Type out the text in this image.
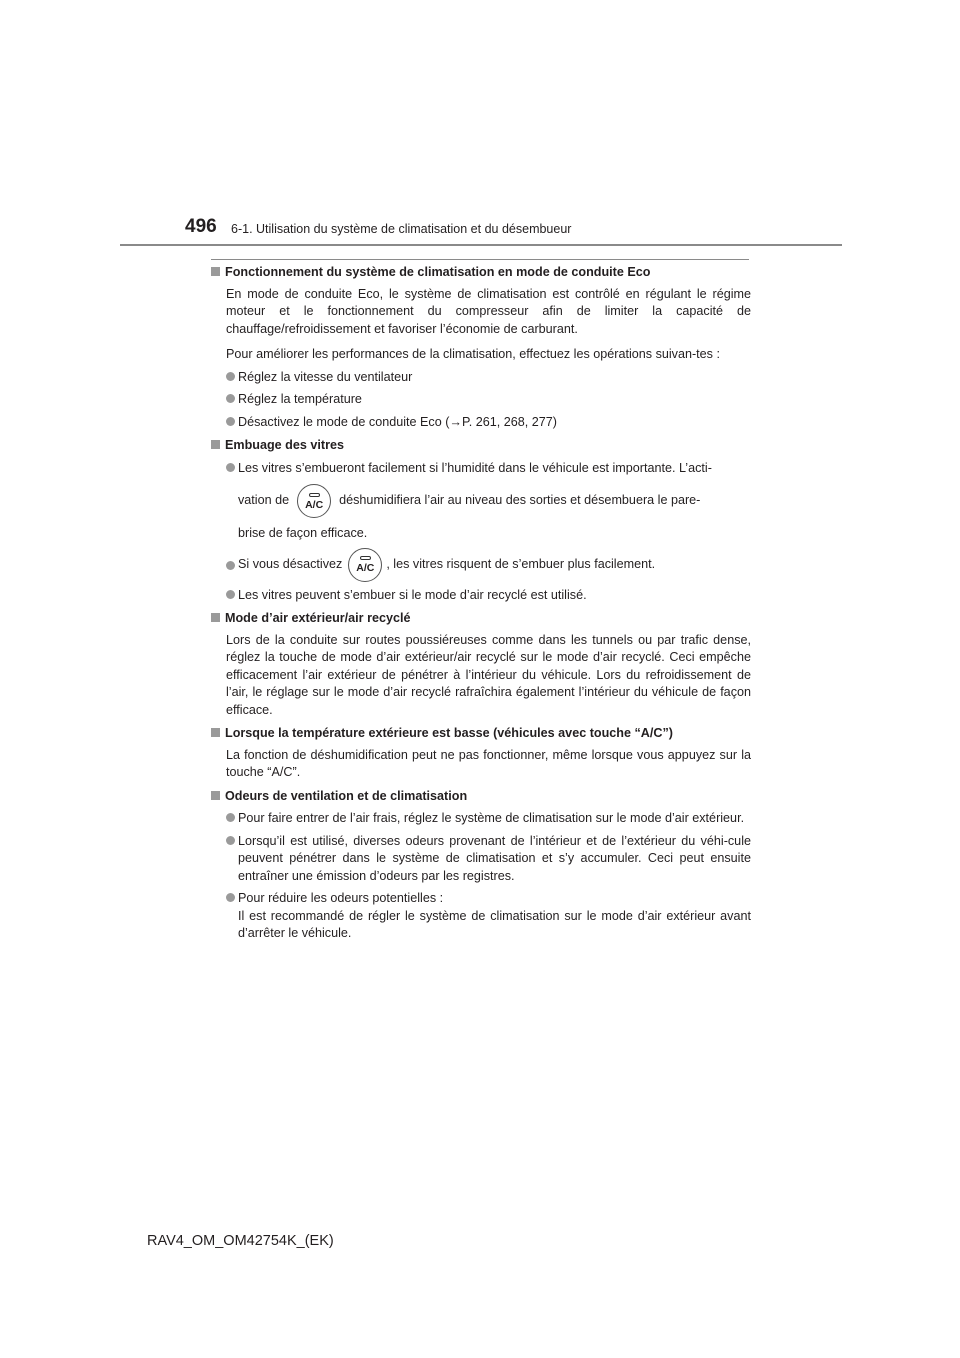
496 6-1. Utilisation du système de climatisation et du désembueur
Fonctionnement du système de climatisation en mode de conduite Eco
En mode de conduite Eco, le système de climatisation est contrôlé en régulant le régime moteur et le fonctionnement du compresseur afin de limiter la capacité de chauffage/refroidissement et favoriser l’économie de carburant.
Pour améliorer les performances de la climatisation, effectuez les opérations suivan-tes :
Réglez la vitesse du ventilateur
Réglez la température
Désactivez le mode de conduite Eco (→P. 261, 268, 277)
Embuage des vitres
Les vitres s’embueront facilement si l’humidité dans le véhicule est importante. L’acti-
vation de A/C déshumidifiera l’air au niveau des sorties et désembuera le pare-
brise de façon efficace.
Si vous désactivez A/C , les vitres risquent de s’embuer plus facilement.
Les vitres peuvent s’embuer si le mode d’air recyclé est utilisé.
Mode d’air extérieur/air recyclé
Lors de la conduite sur routes poussiéreuses comme dans les tunnels ou par trafic dense, réglez la touche de mode d’air extérieur/air recyclé sur le mode d’air recyclé. Ceci empêche efficacement l’air extérieur de pénétrer à l’intérieur du véhicule. Lors du refroidissement de l’air, le réglage sur le mode d’air recyclé rafraîchira également l’intérieur du véhicule de façon efficace.
Lorsque la température extérieure est basse (véhicules avec touche “A/C”)
La fonction de déshumidification peut ne pas fonctionner, même lorsque vous appuyez sur la touche “A/C”.
Odeurs de ventilation et de climatisation
Pour faire entrer de l’air frais, réglez le système de climatisation sur le mode d’air extérieur.
Lorsqu’il est utilisé, diverses odeurs provenant de l’intérieur et de l’extérieur du véhi-cule peuvent pénétrer dans le système de climatisation et s’y accumuler. Ceci peut ensuite entraîner une émission d’odeurs par les registres.
Pour réduire les odeurs potentielles :
Il est recommandé de régler le système de climatisation sur le mode d’air extérieur avant d’arrêter le véhicule.
RAV4_OM_OM42754K_(EK)
